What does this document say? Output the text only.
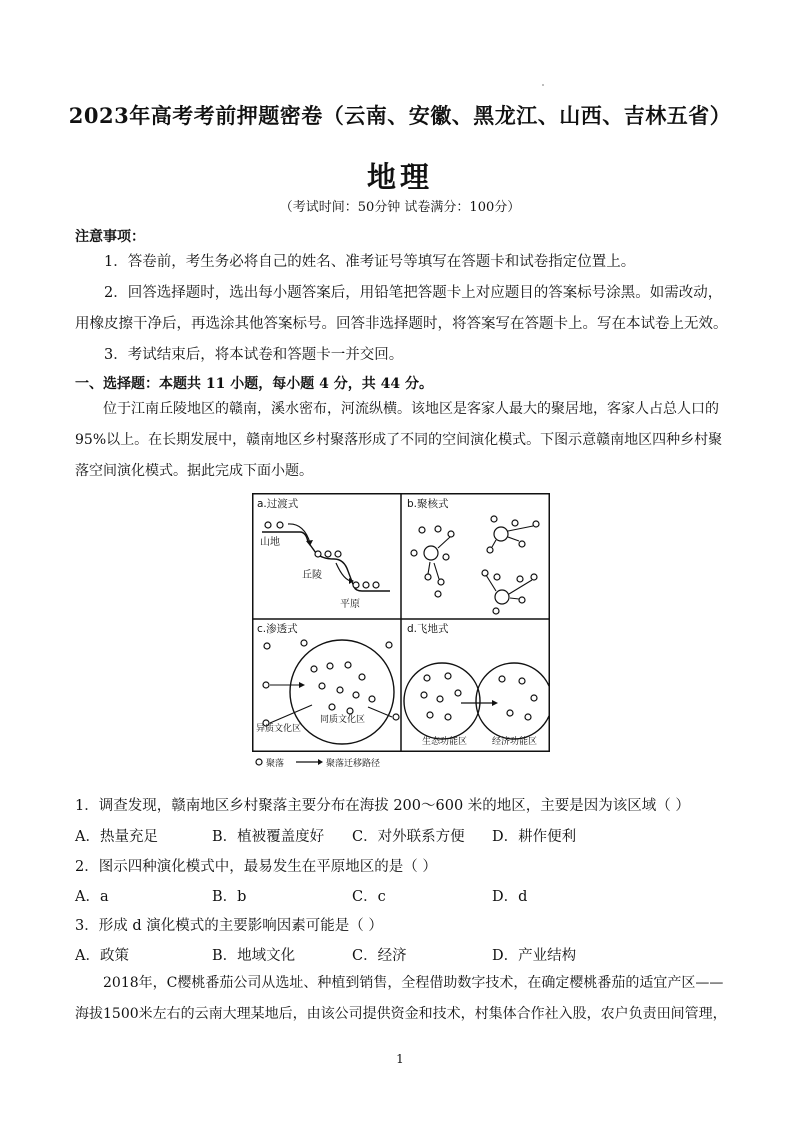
2023年高考考前押题密卷（云南、安徽、黑龙江、山西、吉林五省）
地理
（考试时间：50分钟 试卷满分：100分）
注意事项：
1．答卷前，考生务必将自己的姓名、准考证号等填写在答题卡和试卷指定位置上。
2．回答选择题时，选出每小题答案后，用铅笔把答题卡上对应题目的答案标号涂黑。如需改动，用橡皮擦干净后，再选涂其他答案标号。回答非选择题时，将答案写在答题卡上。写在本试卷上无效。
3．考试结束后，将本试卷和答题卡一并交回。
一、选择题：本题共 11 小题，每小题 4 分，共 44 分。
位于江南丘陵地区的赣南，溪水密布，河流纵横。该地区是客家人最大的聚居地，客家人占总人口的95%以上。在长期发展中，赣南地区乡村聚落形成了不同的空间演化模式。下图示意赣南地区四种乡村聚落空间演化模式。据此完成下面小题。
a.过渡式
山地
丘陵
平原
b.聚核式
c.渗透式
异质文化区
同质文化区
d.飞地式
生态功能区	经济功能区
聚落	聚落迁移路径
1．调查发现，赣南地区乡村聚落主要分布在海拔 200～600 米的地区，主要是因为该区域（ ）
A．热量充足	B．植被覆盖度好 C．对外联系方便 D．耕作便利
2．图示四种演化模式中，最易发生在平原地区的是（ ）
A．a	B．b	C．c	D．d
3．形成 d 演化模式的主要影响因素可能是（ ）
A．政策	B．地域文化	C．经济	D．产业结构
2018年，C樱桃番茄公司从选址、种植到销售，全程借助数字技术，在确定樱桃番茄的适宜产区——海拔1500米左右的云南大理某地后，由该公司提供资金和技术，村集体合作社入股，农户负责田间管理，
1
